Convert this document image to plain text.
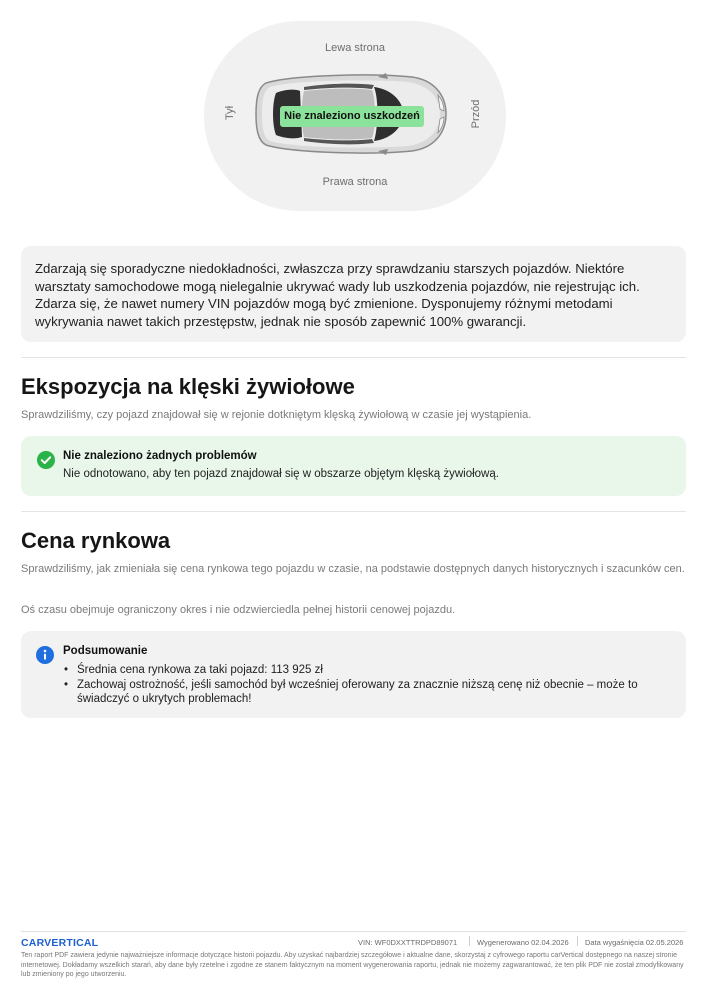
Lewa strona
Tył	Przód
Nie znaleziono uszkodzeń
Prawa strona
Zdarzają się sporadyczne niedokładności, zwłaszcza przy sprawdzaniu starszych pojazdów. Niektóre warsztaty samochodowe mogą nielegalnie ukrywać wady lub uszkodzenia pojazdów, nie rejestrując ich. Zdarza się, że nawet numery VIN pojazdów mogą być zmienione. Dysponujemy różnymi metodami wykrywania nawet takich przestępstw, jednak nie sposób zapewnić 100% gwarancji.
Ekspozycja na klęski żywiołowe

Sprawdziliśmy, czy pojazd znajdował się w rejonie dotkniętym klęską żywiołową w czasie jej wystąpienia.

Nie znaleziono żadnych problemów
Nie odnotowano, aby ten pojazd znajdował się w obszarze objętym klęską żywiołową.
Cena rynkowa

Sprawdziliśmy, jak zmieniała się cena rynkowa tego pojazdu w czasie, na podstawie dostępnych danych historycznych i szacunków cen.

Oś czasu obejmuje ograniczony okres i nie odzwierciedla pełnej historii cenowej pojazdu.

Podsumowanie
• Średnia cena rynkowa za taki pojazd: 113 925 zł
• Zachowaj ostrożność, jeśli samochód był wcześniej oferowany za znacznie niższą cenę niż obecnie – może to świadczyć o ukrytych problemach!
CARVERTICAL	VIN: WF0DXXTTRDPD89071	Wygenerowano 02.04.2026 Data wygaśnięcia 02.05.2026
Ten raport PDF zawiera jedynie najważniejsze informacje dotyczące historii pojazdu. Aby uzyskać najbardziej szczegółowe i aktualne dane, skorzystaj z cyfrowego raportu carVertical dostępnego na naszej stronie internetowej. Dokładamy wszelkich starań, aby dane były rzetelne i zgodne ze stanem faktycznym na moment wygenerowania raportu, jednak nie możemy zagwarantować, że ten plik PDF nie został zmodyfikowany lub zmieniony po jego utworzeniu.
